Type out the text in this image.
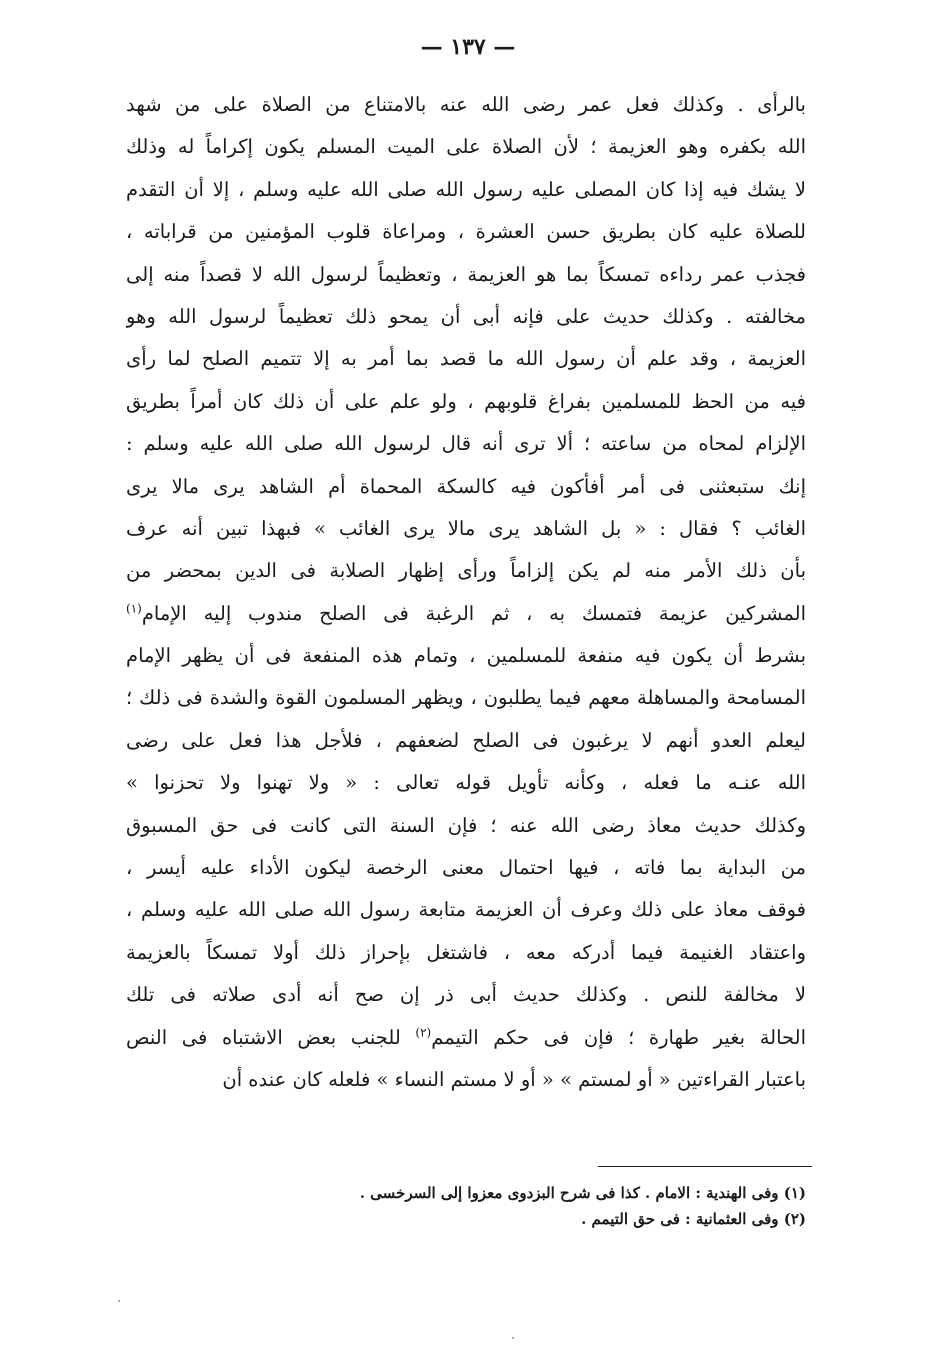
— ١٣٧ —
بالرأى . وكذلك فعل عمر رضى الله عنه بالامتناع من الصلاة على من شهد
الله بكفره وهو العزيمة ؛ لأن الصلاة على الميت المسلم يكون إكراماً له وذلك
لا يشك فيه إذا كان المصلى عليه رسول الله صلى الله عليه وسلم ، إلا أن التقدم
للصلاة عليه كان بطريق حسن العشرة ، ومراعاة قلوب المؤمنين من قراباته ،
فجذب عمر رداءه تمسكاً بما هو العزيمة ، وتعظيماً لرسول الله لا قصداً منه إلى
مخالفته . وكذلك حديث على فإنه أبى أن يمحو ذلك تعظيماً لرسول الله وهو
العزيمة ، وقد علم أن رسول الله ما قصد بما أمر به إلا تتميم الصلح لما رأى
فيه من الحظ للمسلمين بفراغ قلوبهم ، ولو علم على أن ذلك كان أمراً بطريق
الإلزام لمحاه من ساعته ؛ ألا ترى أنه قال لرسول الله صلى الله عليه وسلم :
إنك ستبعثنى فى أمر أفأكون فيه كالسكة المحماة أم الشاهد يرى مالا يرى
الغائب ؟ فقال : « بل الشاهد يرى مالا يرى الغائب » فبهذا تبين أنه عرف
بأن ذلك الأمر منه لم يكن إلزاماً ورأى إظهار الصلابة فى الدين بمحضر من
المشركين عزيمة فتمسك به ، ثم الرغبة فى الصلح مندوب إليه الإمام$^{(١)}$
بشرط أن يكون فيه منفعة للمسلمين ، وتمام هذه المنفعة فى أن يظهر الإمام
المسامحة والمساهلة معهم فيما يطلبون ، ويظهر المسلمون القوة والشدة فى ذلك ؛
ليعلم العدو أنهم لا يرغبون فى الصلح لضعفهم ، فلأجل هذا فعل على رضى
الله عنـه ما فعله ، وكأنه تأويل قوله تعالى : « ولا تهنوا ولا تحزنوا »
وكذلك حديث معاذ رضى الله عنه ؛ فإن السنة التى كانت فى حق المسبوق
من البداية بما فاته ، فيها احتمال معنى الرخصة ليكون الأداء عليه أيسر ،
فوقف معاذ على ذلك وعرف أن العزيمة متابعة رسول الله صلى الله عليه وسلم ،
واعتقاد الغنيمة فيما أدركه معه ، فاشتغل بإحراز ذلك أولا تمسكاً بالعزيمة
لا مخالفة للنص . وكذلك حديث أبى ذر إن صح أنه أدى صلاته فى تلك
الحالة بغير طهارة ؛ فإن فى حكم التيمم$^{(٢)}$ للجنب بعض الاشتباه فى النص
باعتبار القراءتين « أو لمستم » « أو لا مستم النساء » فلعله كان عنده أن
(١) وفى الهندية : الامام . كذا فى شرح البزدوى معزوا إلى السرخسى .
(٢) وفى العثمانية : فى حق التيمم .
